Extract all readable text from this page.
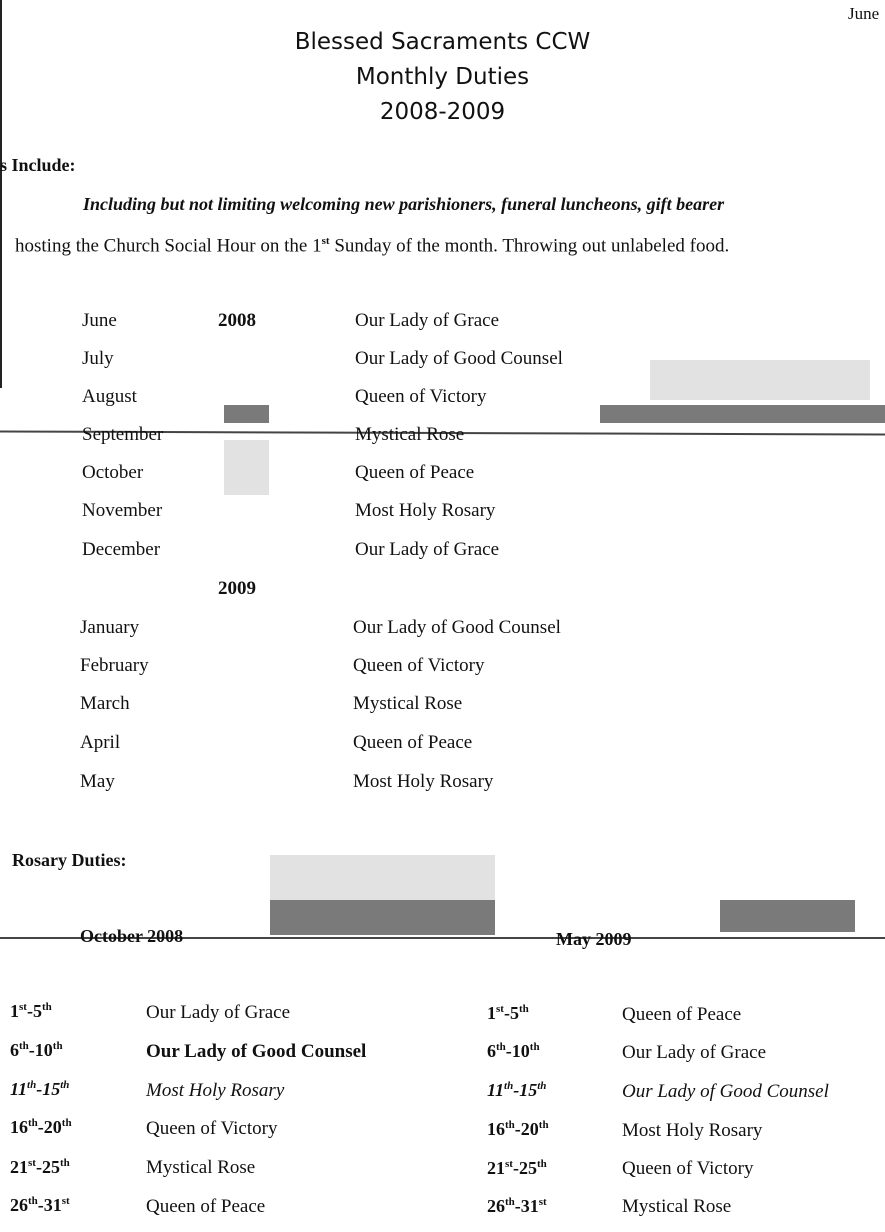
June
Blessed Sacraments CCW
Monthly Duties
2008-2009
s Include:
Including but not limiting welcoming new parishioners, funeral luncheons, gift bearer
hosting the Church Social Hour on the 1st Sunday of the month. Throwing out unlabeled food.
2008
June	Our Lady of Grace
July	Our Lady of Good Counsel
August	Queen of Victory
September	Mystical Rose
October	Queen of Peace
November	Most Holy Rosary
December	Our Lady of Grace
2009
January	Our Lady of Good Counsel
February	Queen of Victory
March	Mystical Rose
April	Queen of Peace
May	Most Holy Rosary
Rosary Duties:
October 2008	May 2009
1st-5th	Our Lady of Grace
6th-10th	Our Lady of Good Counsel
11th-15th	Most Holy Rosary
16th-20th	Queen of Victory
21st-25th	Mystical Rose
26th-31st	Queen of Peace
1st-5th	Queen of Peace
6th-10th	Our Lady of Grace
11th-15th	Our Lady of Good Counsel
16th-20th	Most Holy Rosary
21st-25th	Queen of Victory
26th-31st	Mystical Rose
